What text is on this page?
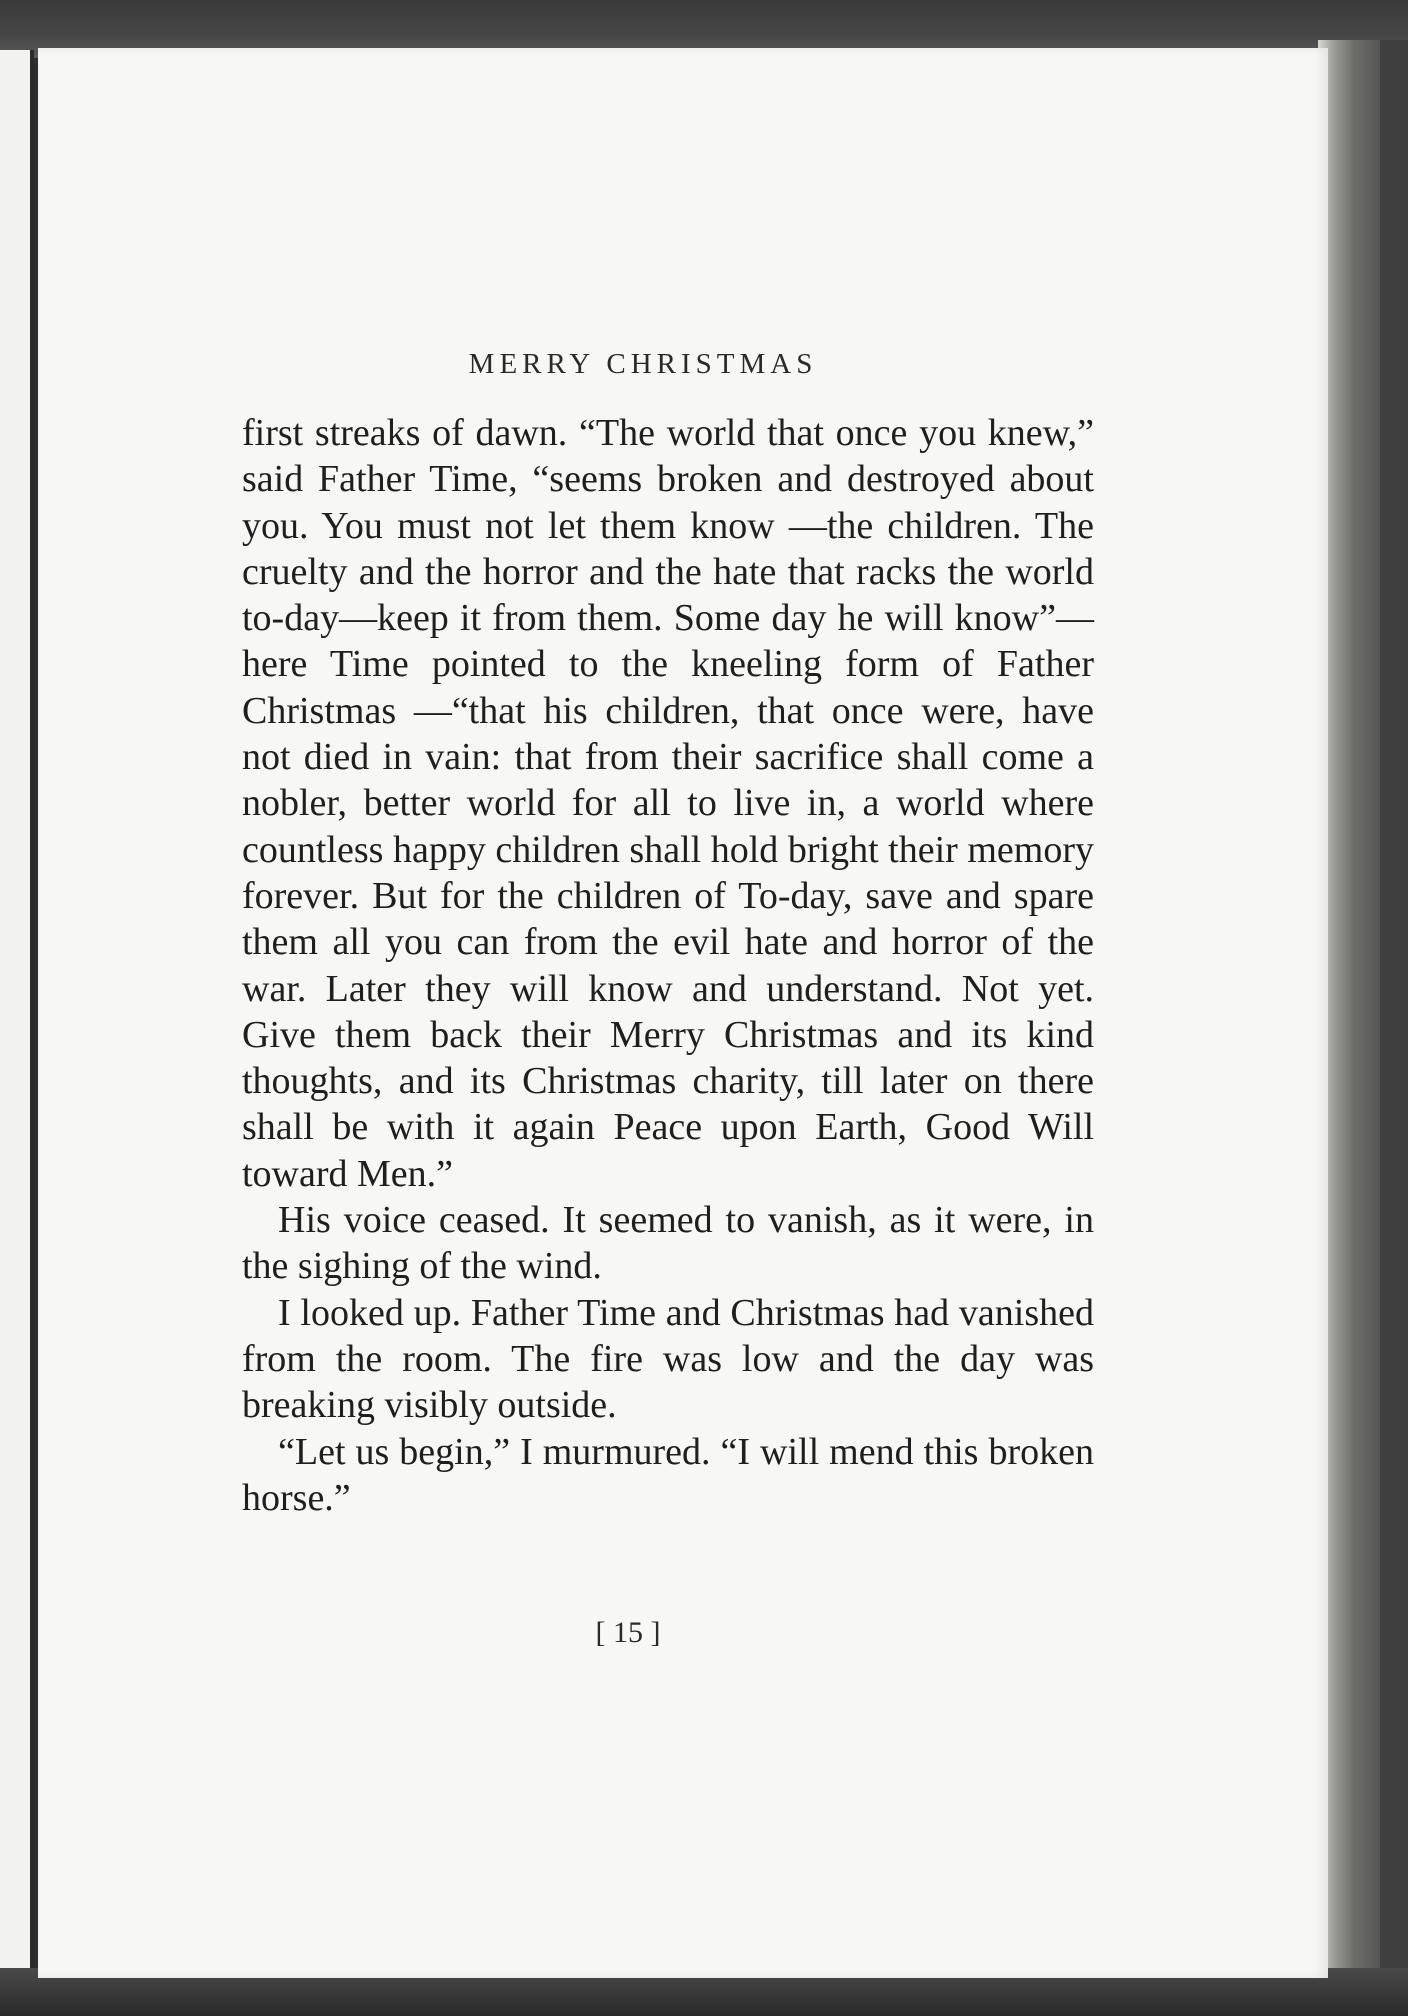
MERRY CHRISTMAS

first streaks of dawn. “The world that once you knew,” said Father Time, “seems broken and destroyed about you. You must not let them know —the children. The cruelty and the horror and the hate that racks the world to-day—keep it from them. Some day he will know”—here Time pointed to the kneeling form of Father Christmas —“that his children, that once were, have not died in vain: that from their sacrifice shall come a nobler, better world for all to live in, a world where countless happy children shall hold bright their memory forever. But for the children of To-day, save and spare them all you can from the evil hate and horror of the war. Later they will know and understand. Not yet. Give them back their Merry Christmas and its kind thoughts, and its Christmas charity, till later on there shall be with it again Peace upon Earth, Good Will toward Men.”

His voice ceased. It seemed to vanish, as it were, in the sighing of the wind.

I looked up. Father Time and Christmas had vanished from the room. The fire was low and the day was breaking visibly outside.

“Let us begin,” I murmured. “I will mend this broken horse.”

[ 15 ]
